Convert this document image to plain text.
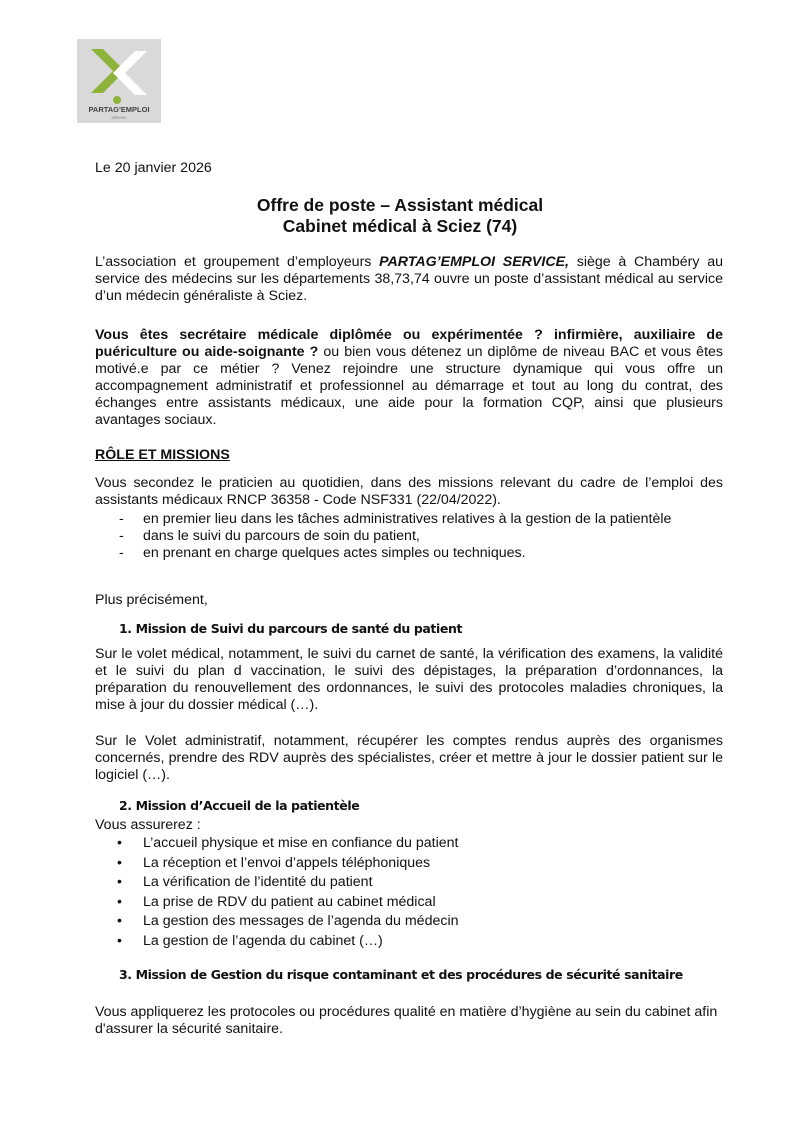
PARTAG'EMPLOI
SERVICE
Le 20 janvier 2026
Offre de poste – Assistant médical
Cabinet médical à Sciez (74)
L’association et groupement d’employeurs PARTAG’EMPLOI SERVICE, siège à Chambéry au service des médecins sur les départements 38,73,74 ouvre un poste d’assistant médical au service d’un médecin généraliste à Sciez.
Vous êtes secrétaire médicale diplômée ou expérimentée ? infirmière, auxiliaire de puériculture ou aide-soignante ? ou bien vous détenez un diplôme de niveau BAC et vous êtes motivé.e par ce métier ? Venez rejoindre une structure dynamique qui vous offre un accompagnement administratif et professionnel au démarrage et tout au long du contrat, des échanges entre assistants médicaux, une aide pour la formation CQP, ainsi que plusieurs avantages sociaux.
RÔLE ET MISSIONS
Vous secondez le praticien au quotidien, dans des missions relevant du cadre de l’emploi des assistants médicaux RNCP 36358 - Code NSF331 (22/04/2022).
- en premier lieu dans les tâches administratives relatives à la gestion de la patientèle
- dans le suivi du parcours de soin du patient,
- en prenant en charge quelques actes simples ou techniques.
Plus précisément,
1. Mission de Suivi du parcours de santé du patient
Sur le volet médical, notamment, le suivi du carnet de santé, la vérification des examens, la validité et le suivi du plan d vaccination, le suivi des dépistages, la préparation d’ordonnances, la préparation du renouvellement des ordonnances, le suivi des protocoles maladies chroniques, la mise à jour du dossier médical (…).
Sur le Volet administratif, notamment, récupérer les comptes rendus auprès des organismes concernés, prendre des RDV auprès des spécialistes, créer et mettre à jour le dossier patient sur le logiciel (…).
2. Mission d’Accueil de la patientèle
Vous assurerez :
• L’accueil physique et mise en confiance du patient
• La réception et l’envoi d’appels téléphoniques
• La vérification de l’identité du patient
• La prise de RDV du patient au cabinet médical
• La gestion des messages de l’agenda du médecin
• La gestion de l’agenda du cabinet (…)
3. Mission de Gestion du risque contaminant et des procédures de sécurité sanitaire
Vous appliquerez les protocoles ou procédures qualité en matière d’hygiène au sein du cabinet afin d'assurer la sécurité sanitaire.
